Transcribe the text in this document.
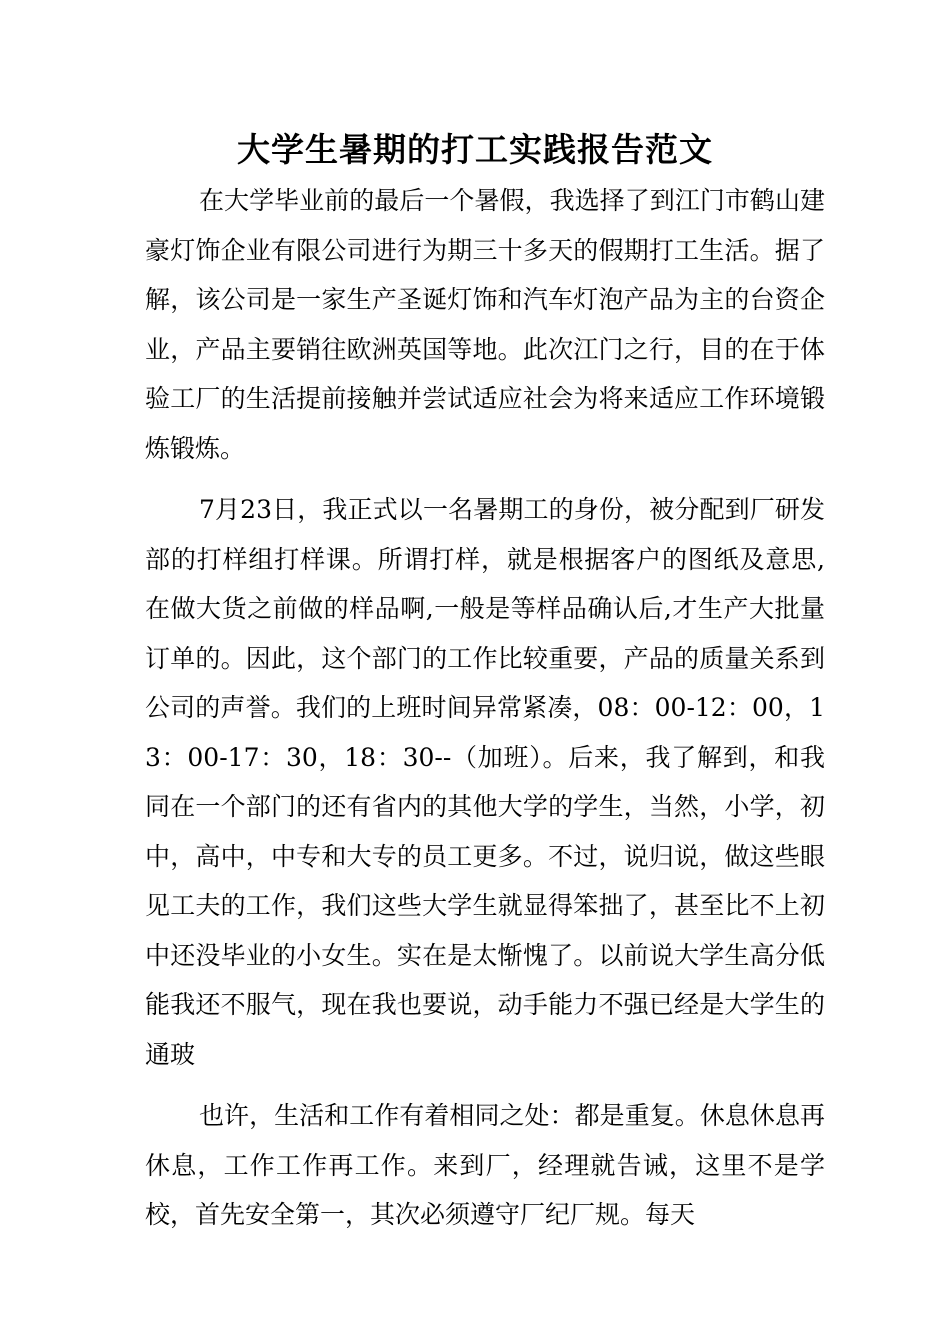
大学生暑期的打工实践报告范文

在大学毕业前的最后一个暑假，我选择了到江门市鹤山建豪灯饰企业有限公司进行为期三十多天的假期打工生活。据了解，该公司是一家生产圣诞灯饰和汽车灯泡产品为主的台资企业，产品主要销往欧洲英国等地。此次江门之行，目的在于体验工厂的生活提前接触并尝试适应社会为将来适应工作环境锻炼锻炼。

7月23日，我正式以一名暑期工的身份，被分配到厂研发部的打样组打样课。所谓打样，就是根据客户的图纸及意思,在做大货之前做的样品啊,一般是等样品确认后,才生产大批量订单的。因此，这个部门的工作比较重要，产品的质量关系到公司的声誉。我们的上班时间异常紧凑，08：00-12：00，13：00-17：30，18：30--（加班）。后来，我了解到，和我同在一个部门的还有省内的其他大学的学生，当然，小学，初中，高中，中专和大专的员工更多。不过，说归说，做这些眼见工夫的工作，我们这些大学生就显得笨拙了，甚至比不上初中还没毕业的小女生。实在是太惭愧了。以前说大学生高分低能我还不服气，现在我也要说，动手能力不强已经是大学生的通玻

也许，生活和工作有着相同之处：都是重复。休息休息再休息，工作工作再工作。来到厂，经理就告诫，这里不是学校，首先安全第一，其次必须遵守厂纪厂规。每天
